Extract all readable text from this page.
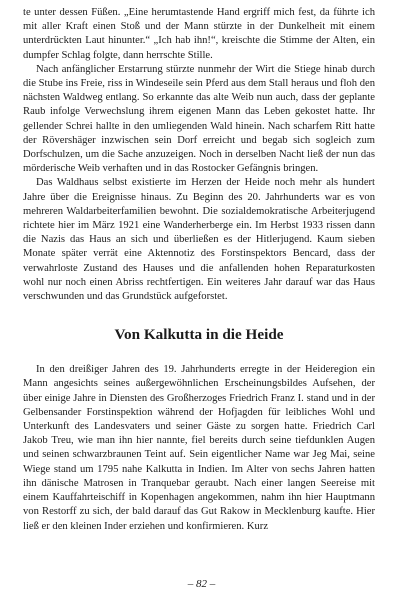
te unter dessen Füßen. „Eine herumtastende Hand ergriff mich fest, da führte ich mit aller Kraft einen Stoß und der Mann stürzte in der Dunkelheit mit einem unterdrückten Laut hinunter.“ „Ich hab ihn!“, kreischte die Stimme der Alten, ein dumpfer Schlag folgte, dann herrschte Stille.

Nach anfänglicher Erstarrung stürzte nunmehr der Wirt die Stiege hinab durch die Stube ins Freie, riss in Windeseile sein Pferd aus dem Stall heraus und floh den nächsten Waldweg entlang. So erkannte das alte Weib nun auch, dass der geplante Raub infolge Verwechslung ihrem eigenen Mann das Leben gekostet hatte. Ihr gellender Schrei hallte in den umliegenden Wald hinein. Nach scharfem Ritt hatte der Rövershäger inzwischen sein Dorf erreicht und begab sich sogleich zum Dorfschulzen, um die Sache anzuzeigen. Noch in derselben Nacht ließ der nun das mörderische Weib verhaften und in das Rostocker Gefängnis bringen.

Das Waldhaus selbst existierte im Herzen der Heide noch mehr als hundert Jahre über die Ereignisse hinaus. Zu Beginn des 20. Jahrhunderts war es von mehreren Waldarbeiterfamilien bewohnt. Die sozialdemokratische Arbeiterjugend richtete hier im März 1921 eine Wanderherberge ein. Im Herbst 1933 rissen dann die Nazis das Haus an sich und überließen es der Hitlerjugend. Kaum sieben Monate später verrät eine Aktennotiz des Forstinspektors Bencard, dass der verwahrloste Zustand des Hauses und die anfallenden hohen Reparaturkosten wohl nur noch einen Abriss rechtfertigen. Ein weiteres Jahr darauf war das Haus verschwunden und das Grundstück aufgeforstet.

Von Kalkutta in die Heide

In den dreißiger Jahren des 19. Jahrhunderts erregte in der Heideregion ein Mann angesichts seines außergewöhnlichen Erscheinungsbildes Aufsehen, der über einige Jahre in Diensten des Großherzoges Friedrich Franz I. stand und in der Gelbensander Forstinspektion während der Hofjagden für leibliches Wohl und Unterkunft des Landesvaters und seiner Gäste zu sorgen hatte. Friedrich Carl Jakob Treu, wie man ihn hier nannte, fiel bereits durch seine tiefdunklen Augen und seinen schwarzbraunen Teint auf. Sein eigentlicher Name war Jeg Mai, seine Wiege stand um 1795 nahe Kalkutta in Indien. Im Alter von sechs Jahren hatten ihn dänische Matrosen in Tranquebar geraubt. Nach einer langen Seereise mit einem Kauffahrteischiff in Kopenhagen angekommen, nahm ihn hier Hauptmann von Restorff zu sich, der bald darauf das Gut Rakow in Mecklenburg kaufte. Hier ließ er den kleinen Inder erziehen und konfirmieren. Kurz

– 82 –
